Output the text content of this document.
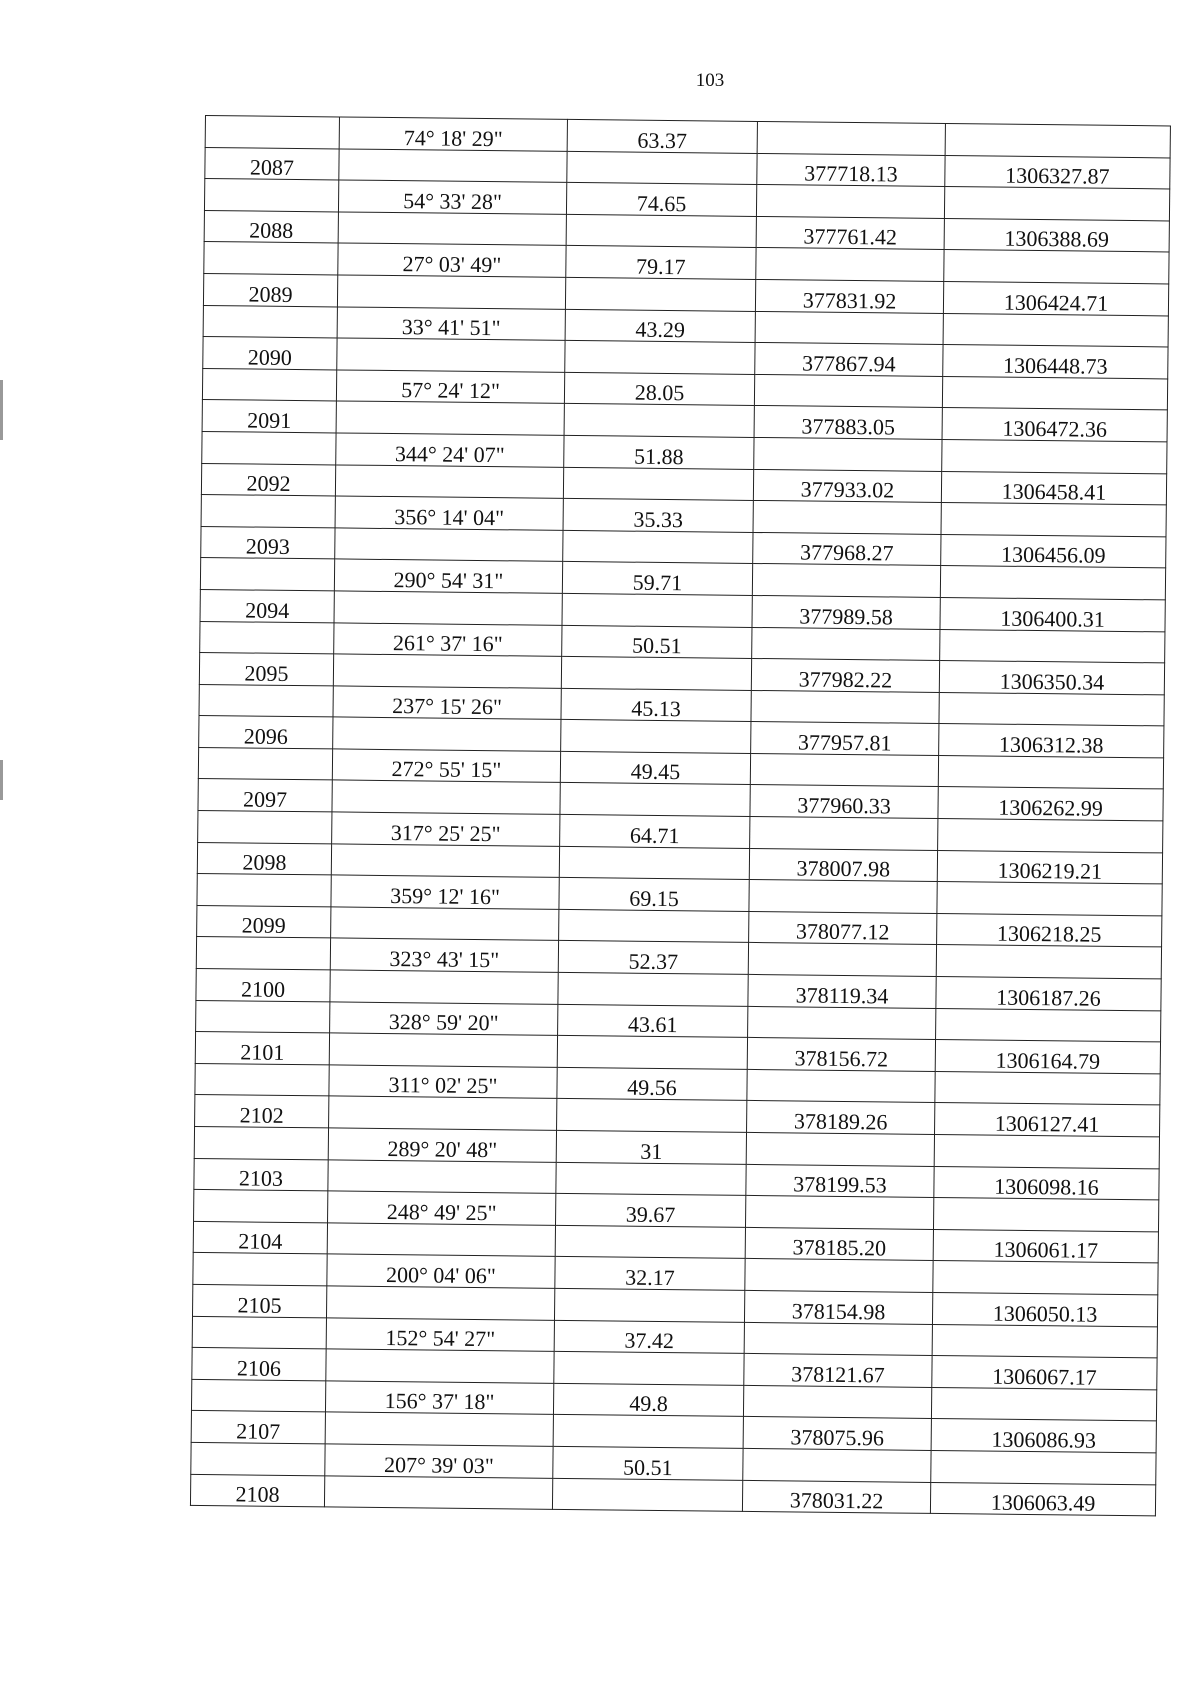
103
	74° 18' 29"	63.37		
2087			377718.13	1306327.87
	54° 33' 28"	74.65		
2088			377761.42	1306388.69
	27° 03' 49"	79.17		
2089			377831.92	1306424.71
	33° 41' 51"	43.29		
2090			377867.94	1306448.73
	57° 24' 12"	28.05		
2091			377883.05	1306472.36
	344° 24' 07"	51.88		
2092			377933.02	1306458.41
	356° 14' 04"	35.33		
2093			377968.27	1306456.09
	290° 54' 31"	59.71		
2094			377989.58	1306400.31
	261° 37' 16"	50.51		
2095			377982.22	1306350.34
	237° 15' 26"	45.13		
2096			377957.81	1306312.38
	272° 55' 15"	49.45		
2097			377960.33	1306262.99
	317° 25' 25"	64.71		
2098			378007.98	1306219.21
	359° 12' 16"	69.15		
2099			378077.12	1306218.25
	323° 43' 15"	52.37		
2100			378119.34	1306187.26
	328° 59' 20"	43.61		
2101			378156.72	1306164.79
	311° 02' 25"	49.56		
2102			378189.26	1306127.41
	289° 20' 48"	31		
2103			378199.53	1306098.16
	248° 49' 25"	39.67		
2104			378185.20	1306061.17
	200° 04' 06"	32.17		
2105			378154.98	1306050.13
	152° 54' 27"	37.42		
2106			378121.67	1306067.17
	156° 37' 18"	49.8		
2107			378075.96	1306086.93
	207° 39' 03"	50.51		
2108			378031.22	1306063.49
